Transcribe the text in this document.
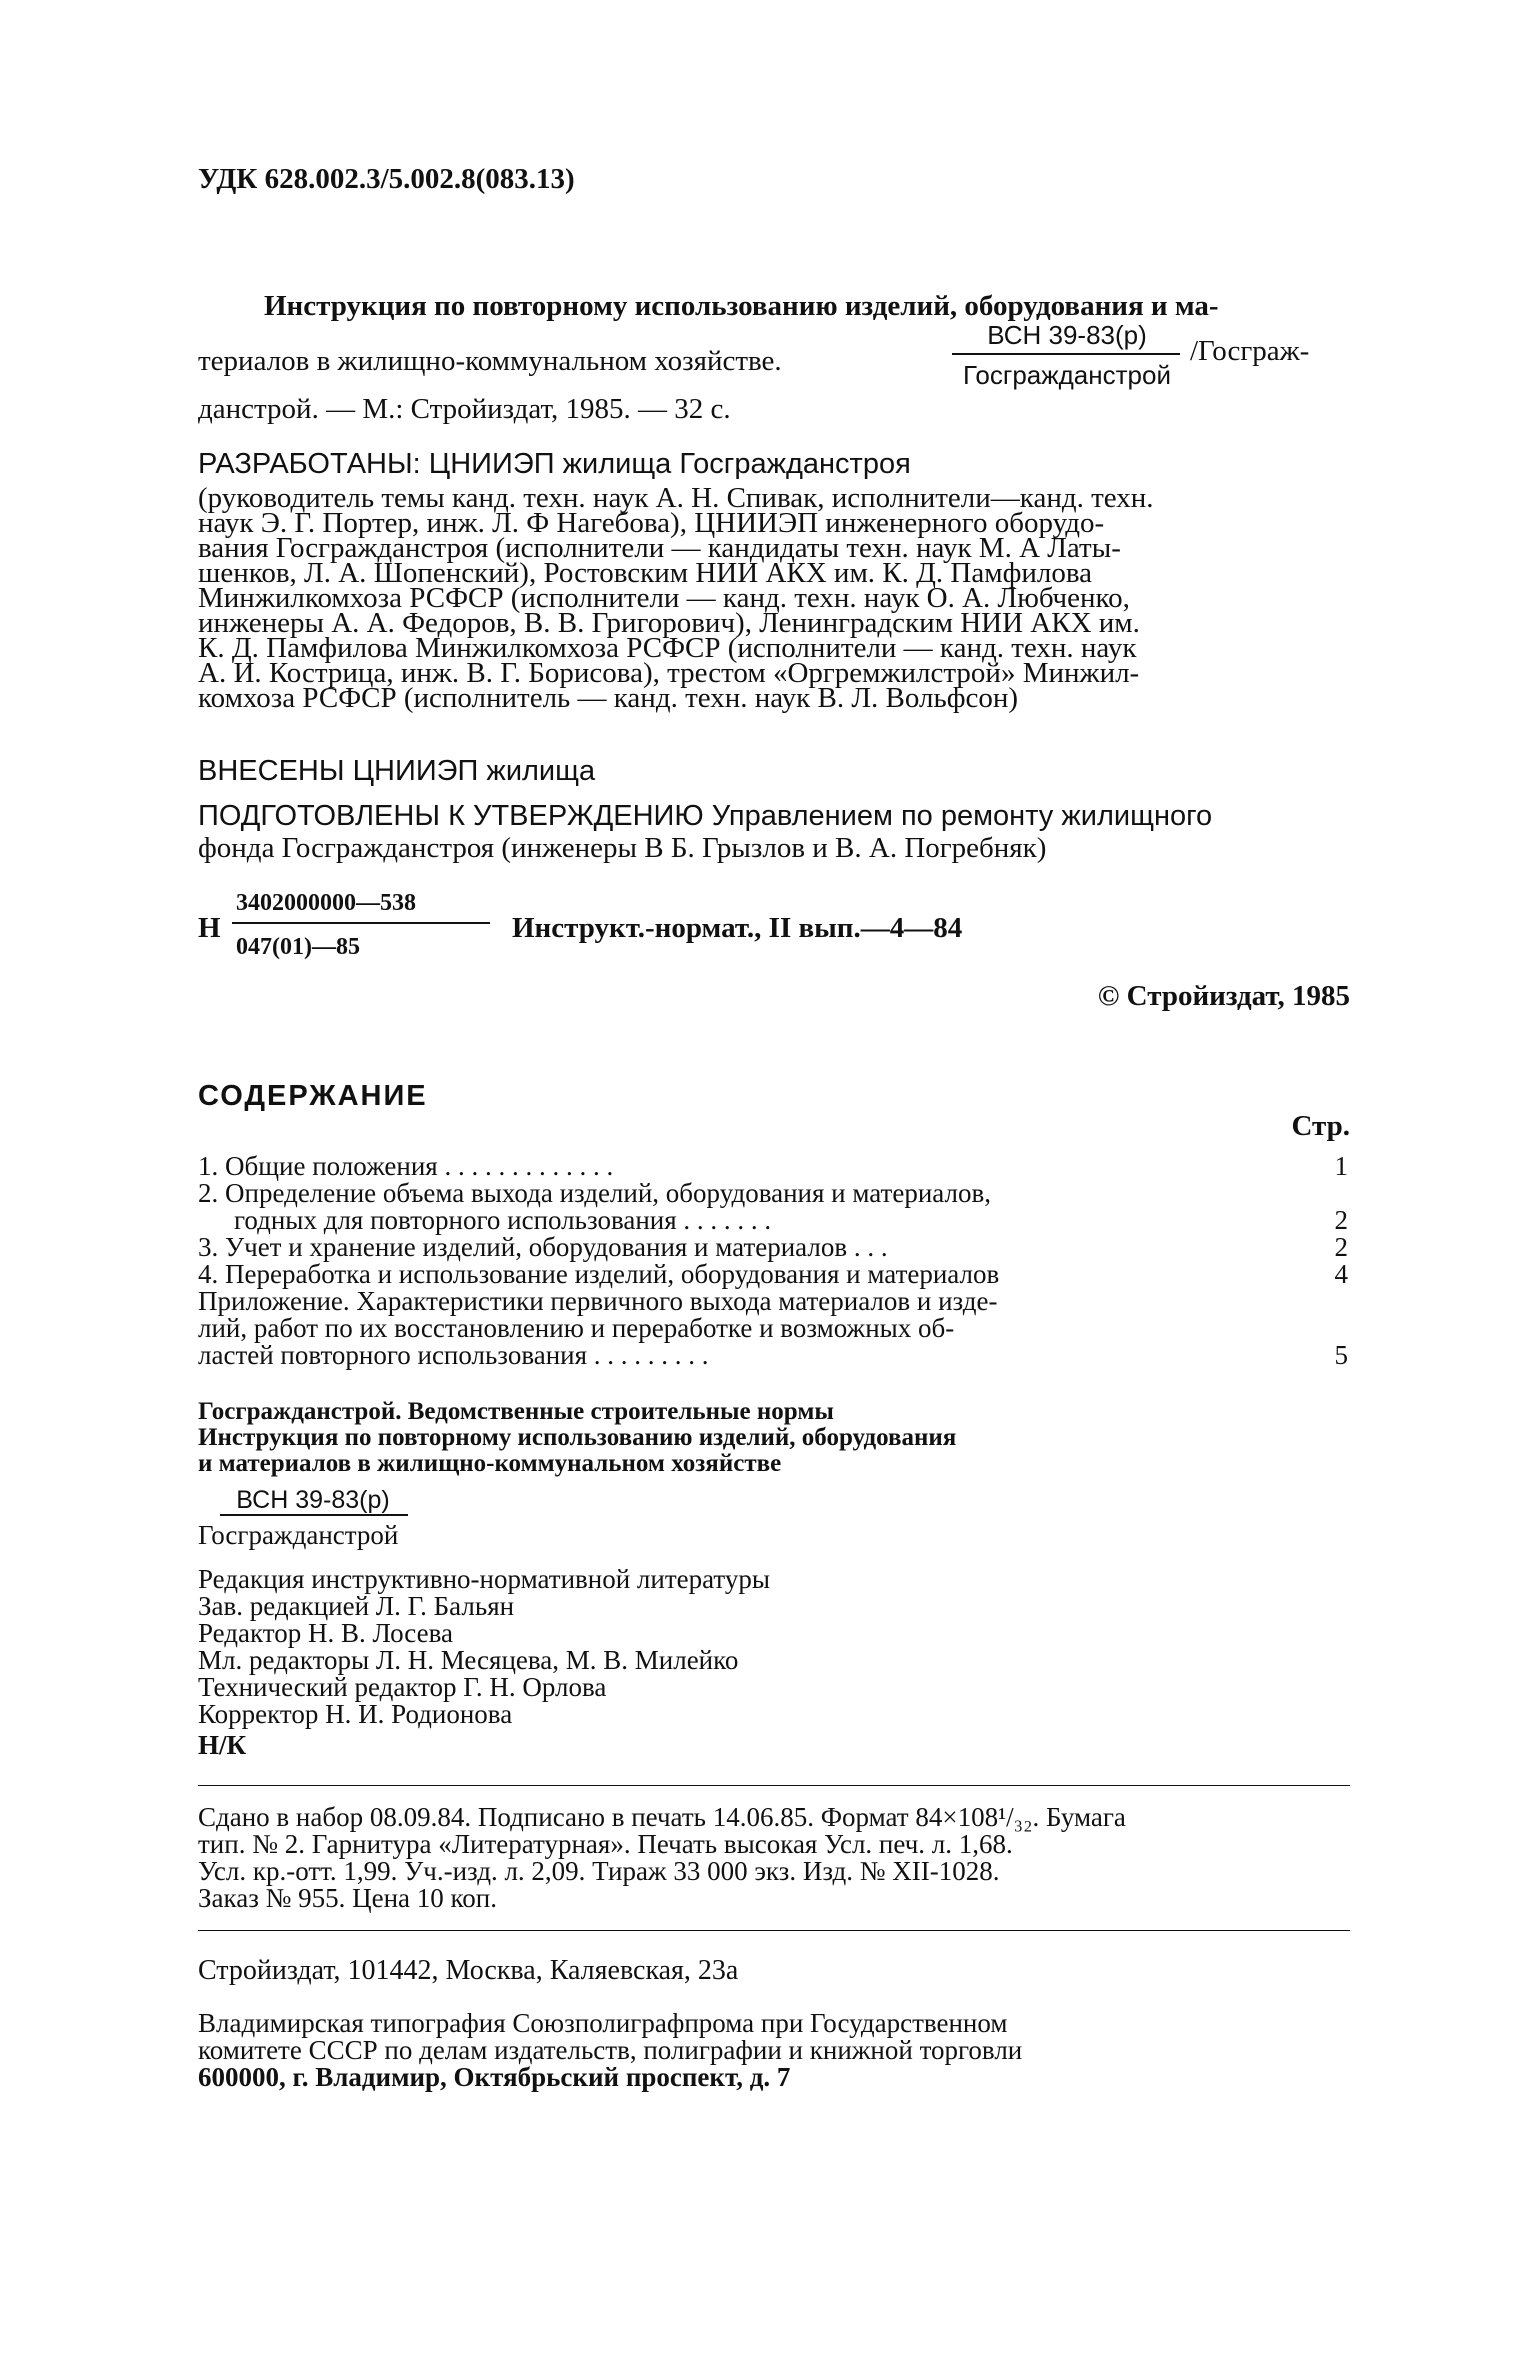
УДК 628.002.3/5.002.8(083.13)
Инструкция по повторному использованию изделий, оборудования и ма-
териалов в жилищно-коммунальном хозяйстве.
ВСН 39-83(р)
Госгражданстрой
/Госграж-
данстрой. — М.: Стройиздат, 1985. — 32 с.
РАЗРАБОТАНЫ: ЦНИИЭП жилища Госгражданстроя
(руководитель темы канд. техн. наук А. Н. Спивак, исполнители—канд. техн.
наук Э. Г. Портер, инж. Л. Ф Нагебова), ЦНИИЭП инженерного оборудо-
вания Госгражданстроя (исполнители — кандидаты техн. наук М. А Латы-
шенков, Л. А. Шопенский), Ростовским НИИ АКХ им. К. Д. Памфилова
Минжилкомхоза РСФСР (исполнители — канд. техн. наук О. А. Любченко,
инженеры А. А. Федоров, В. В. Григорович), Ленинградским НИИ АКХ им.
К. Д. Памфилова Минжилкомхоза РСФСР (исполнители — канд. техн. наук
А. И. Кострица, инж. В. Г. Борисова), трестом «Оргремжилстрой» Минжил-
комхоза РСФСР (исполнитель — канд. техн. наук В. Л. Вольфсон)
ВНЕСЕНЫ ЦНИИЭП жилища
ПОДГОТОВЛЕНЫ К УТВЕРЖДЕНИЮ Управлением по ремонту жилищного
фонда Госгражданстроя (инженеры В Б. Грызлов и В. А. Погребняк)
Н
3402000000—538
047(01)—85
Инструкт.-нормат., II вып.—4—84
© Стройиздат, 1985
СОДЕРЖАНИЕ
Стр.
1. Общие положения . . . . . . . . . . . . .	1
2. Определение объема выхода изделий, оборудования и материалов,
годных для повторного использования . . . . . . .	2
3. Учет и хранение изделий, оборудования и материалов . . .	2
4. Переработка и использование изделий, оборудования и материалов	4
Приложение. Характеристики первичного выхода материалов и изде-
лий, работ по их восстановлению и переработке и возможных об-
ластей повторного использования . . . . . . . . .	5
Госгражданстрой. Ведомственные строительные нормы
Инструкция по повторному использованию изделий, оборудования
и материалов в жилищно-коммунальном хозяйстве
ВСН 39-83(р)
Госгражданстрой
Редакция инструктивно-нормативной литературы
Зав. редакцией Л. Г. Бальян
Редактор Н. В. Лосева
Мл. редакторы Л. Н. Месяцева, М. В. Милейко
Технический редактор Г. Н. Орлова
Корректор Н. И. Родионова
Н/К
Сдано в набор 08.09.84. Подписано в печать 14.06.85. Формат 84×108¹/₃₂. Бумага
тип. № 2. Гарнитура «Литературная». Печать высокая Усл. печ. л. 1,68.
Усл. кр.-отт. 1,99. Уч.-изд. л. 2,09. Тираж 33 000 экз. Изд. № XII-1028.
Заказ № 955. Цена 10 коп.
Стройиздат, 101442, Москва, Каляевская, 23а
Владимирская типография Союзполиграфпрома при Государственном
комитете СССР по делам издательств, полиграфии и книжной торговли
600000, г. Владимир, Октябрьский проспект, д. 7
